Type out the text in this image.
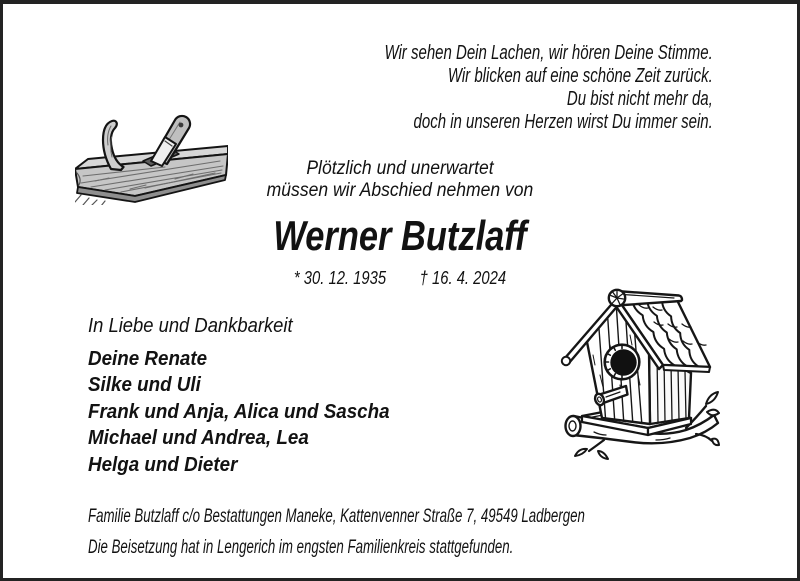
Wir sehen Dein Lachen, wir hören Deine Stimme.
Wir blicken auf eine schöne Zeit zurück.
Du bist nicht mehr da,
doch in unseren Herzen wirst Du immer sein.
Plötzlich und unerwartet
müssen wir Abschied nehmen von
Werner Butzlaff
* 30. 12. 1935 † 16. 4. 2024
In Liebe und Dankbarkeit
Deine Renate
Silke und Uli
Frank und Anja, Alica und Sascha
Michael und Andrea, Lea
Helga und Dieter
Familie Butzlaff c/o Bestattungen Maneke, Kattenvenner Straße 7, 49549 Ladbergen
Die Beisetzung hat in Lengerich im engsten Familienkreis stattgefunden.
